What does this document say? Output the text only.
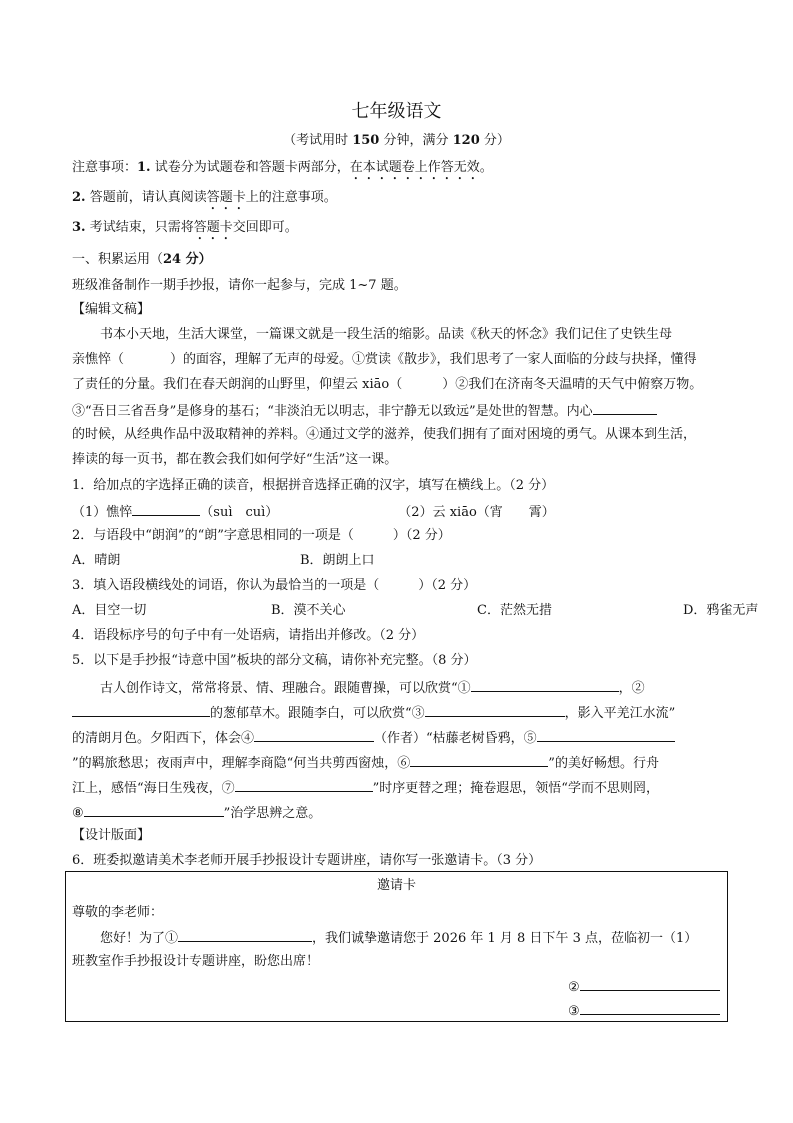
七年级语文
（考试用时 150 分钟，满分 120 分）
注意事项：1. 试卷分为试题卷和答题卡两部分，在本试题卷上作答无效。
2. 答题前，请认真阅读答题卡上的注意事项。
3. 考试结束，只需将答题卡交回即可。
一、积累运用（24 分）
班级准备制作一期手抄报，请你一起参与，完成 1~7 题。
【编辑文稿】
书本小天地，生活大课堂，一篇课文就是一段生活的缩影。品读《秋天的怀念》我们记住了史铁生母
亲憔悴（	）的面容，理解了无声的母爱。①赏读《散步》，我们思考了一家人面临的分歧与抉择，懂得
了责任的分量。我们在春天朗润的山野里，仰望云 xiāo（	）②我们在济南冬天温晴的天气中俯察万物。
③“吾日三省吾身”是修身的基石；“非淡泊无以明志，非宁静无以致远”是处世的智慧。内心
的时候，从经典作品中汲取精神的养料。④通过文学的滋养，使我们拥有了面对困境的勇气。从课本到生活，
捧读的每一页书，都在教会我们如何学好“生活”这一课。
1．给加点的字选择正确的读音，根据拼音选择正确的汉字，填写在横线上。（2 分）
（1）憔悴	（suì　cuì）	（2）云 xiāo（宵　　霄）
2．与语段中“朗润”的“朗”字意思相同的一项是（　　　）（2 分）
A．晴朗	B．朗朗上口
3．填入语段横线处的词语，你认为最恰当的一项是（　　　）（2 分）
A．目空一切	B．漠不关心	C．茫然无措	D．鸦雀无声
4．语段标序号的句子中有一处语病，请指出并修改。（2 分）
5．以下是手抄报“诗意中国”板块的部分文稿，请你补充完整。（8 分）
古人创作诗文，常常将景、情、理融合。跟随曹操，可以欣赏“①	，②
的葱郁草木。跟随李白，可以欣赏“③	，影入平羌江水流”
的清朗月色。夕阳西下，体会④	（作者）“枯藤老树昏鸦，⑤
”的羁旅愁思；夜雨声中，理解李商隐“何当共剪西窗烛，⑥	”的美好畅想。行舟
江上，感悟“海日生残夜，⑦	”时序更替之理；掩卷遐思，领悟“学而不思则罔，
⑧	”治学思辨之意。
【设计版面】
6．班委拟邀请美术李老师开展手抄报设计专题讲座，请你写一张邀请卡。（3 分）
邀请卡
尊敬的李老师：
您好！为了①	，我们诚挚邀请您于 2026 年 1 月 8 日下午 3 点，莅临初一（1）
班教室作手抄报设计专题讲座，盼您出席！
②
③
